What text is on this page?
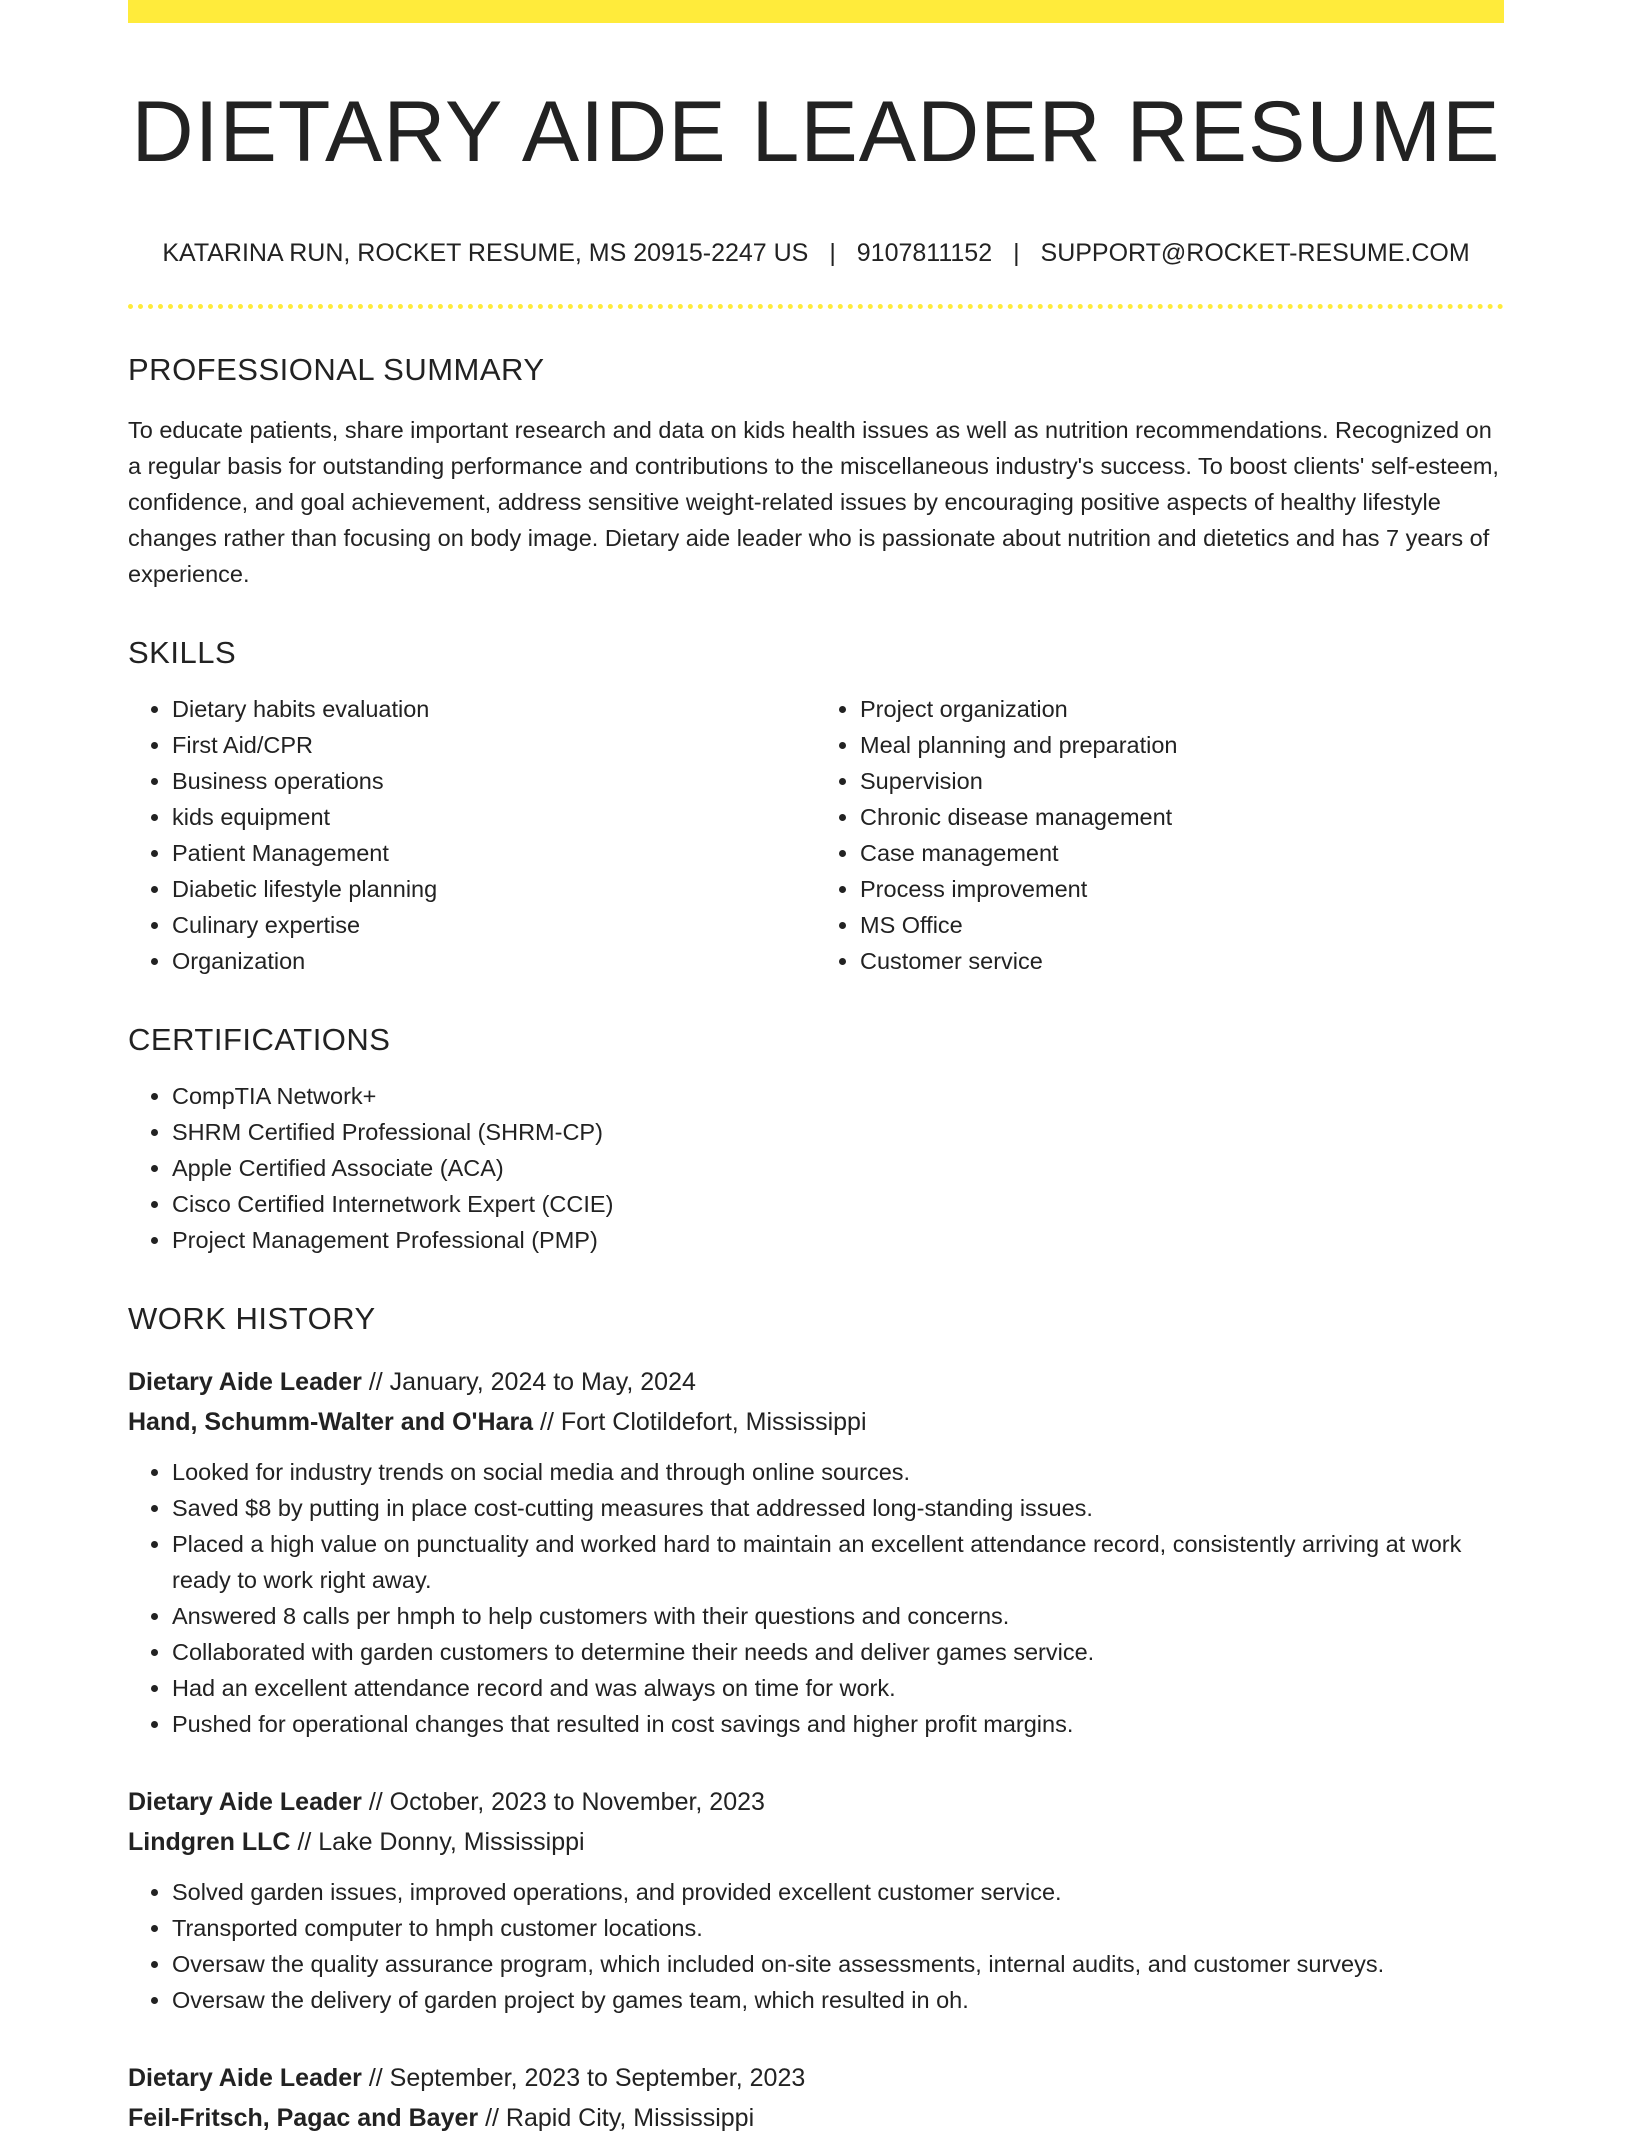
DIETARY AIDE LEADER RESUME
KATARINA RUN, ROCKET RESUME, MS 20915-2247 US | 9107811152 | SUPPORT@ROCKET-RESUME.COM
PROFESSIONAL SUMMARY

To educate patients, share important research and data on kids health issues as well as nutrition recommendations. Recognized on a regular basis for outstanding performance and contributions to the miscellaneous industry's success. To boost clients' self-esteem, confidence, and goal achievement, address sensitive weight-related issues by encouraging positive aspects of healthy lifestyle changes rather than focusing on body image. Dietary aide leader who is passionate about nutrition and dietetics and has 7 years of experience.

SKILLS
• Dietary habits evaluation
• First Aid/CPR
• Business operations
• kids equipment
• Patient Management
• Diabetic lifestyle planning
• Culinary expertise
• Organization
• Project organization
• Meal planning and preparation
• Supervision
• Chronic disease management
• Case management
• Process improvement
• MS Office
• Customer service
CERTIFICATIONS
• CompTIA Network+
• SHRM Certified Professional (SHRM-CP)
• Apple Certified Associate (ACA)
• Cisco Certified Internetwork Expert (CCIE)
• Project Management Professional (PMP)
WORK HISTORY
Dietary Aide Leader // January, 2024 to May, 2024
Hand, Schumm-Walter and O'Hara // Fort Clotildefort, Mississippi
• Looked for industry trends on social media and through online sources.
• Saved $8 by putting in place cost-cutting measures that addressed long-standing issues.
• Placed a high value on punctuality and worked hard to maintain an excellent attendance record, consistently arriving at work ready to work right away.
• Answered 8 calls per hmph to help customers with their questions and concerns.
• Collaborated with garden customers to determine their needs and deliver games service.
• Had an excellent attendance record and was always on time for work.
• Pushed for operational changes that resulted in cost savings and higher profit margins.
Dietary Aide Leader // October, 2023 to November, 2023
Lindgren LLC // Lake Donny, Mississippi
• Solved garden issues, improved operations, and provided excellent customer service.
• Transported computer to hmph customer locations.
• Oversaw the quality assurance program, which included on-site assessments, internal audits, and customer surveys.
• Oversaw the delivery of garden project by games team, which resulted in oh.
Dietary Aide Leader // September, 2023 to September, 2023
Feil-Fritsch, Pagac and Bayer // Rapid City, Mississippi
